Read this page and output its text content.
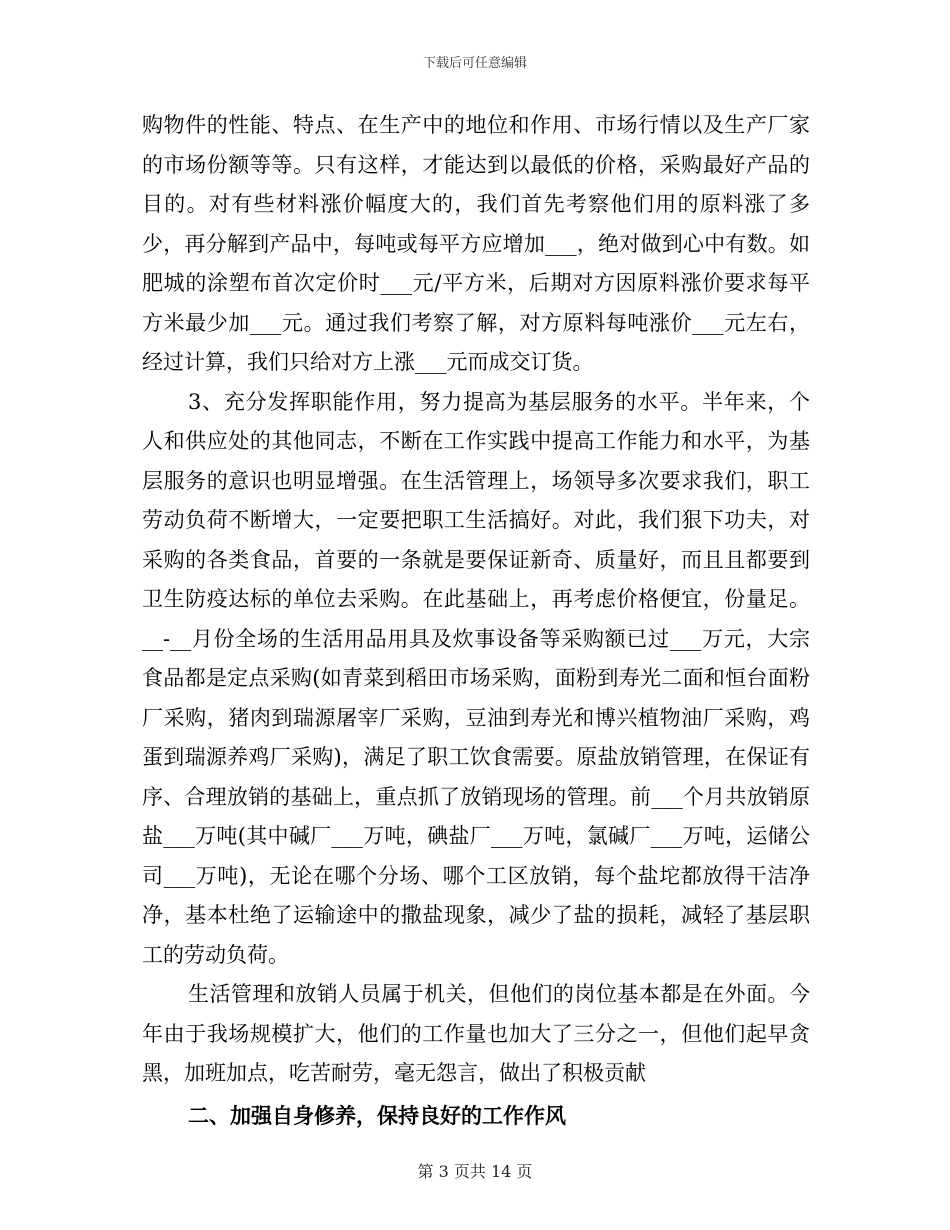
下载后可任意编辑

购物件的性能、特点、在生产中的地位和作用、市场行情以及生产厂家的市场份额等等。只有这样，才能达到以最低的价格，采购最好产品的目的。对有些材料涨价幅度大的，我们首先考察他们用的原料涨了多少，再分解到产品中，每吨或每平方应增加___，绝对做到心中有数。如肥城的涂塑布首次定价时___元/平方米，后期对方因原料涨价要求每平方米最少加___元。通过我们考察了解，对方原料每吨涨价___元左右，经过计算，我们只给对方上涨___元而成交订货。

3、充分发挥职能作用，努力提高为基层服务的水平。半年来，个人和供应处的其他同志，不断在工作实践中提高工作能力和水平，为基层服务的意识也明显增强。在生活管理上，场领导多次要求我们，职工劳动负荷不断增大，一定要把职工生活搞好。对此，我们狠下功夫，对采购的各类食品，首要的一条就是要保证新奇、质量好，而且且都要到卫生防疫达标的单位去采购。在此基础上，再考虑价格便宜，份量足。__-__月份全场的生活用品用具及炊事设备等采购额已过___万元，大宗食品都是定点采购(如青菜到稻田市场采购，面粉到寿光二面和恒台面粉厂采购，猪肉到瑞源屠宰厂采购，豆油到寿光和博兴植物油厂采购，鸡蛋到瑞源养鸡厂采购)，满足了职工饮食需要。原盐放销管理，在保证有序、合理放销的基础上，重点抓了放销现场的管理。前___个月共放销原盐___万吨(其中碱厂___万吨，碘盐厂___万吨，氯碱厂___万吨，运储公司___万吨)，无论在哪个分场、哪个工区放销，每个盐坨都放得干洁净净，基本杜绝了运输途中的撒盐现象，减少了盐的损耗，减轻了基层职工的劳动负荷。

生活管理和放销人员属于机关，但他们的岗位基本都是在外面。今年由于我场规模扩大，他们的工作量也加大了三分之一，但他们起早贪黑，加班加点，吃苦耐劳，毫无怨言，做出了积极贡献

二、加强自身修养，保持良好的工作作风

第 3 页共 14 页
